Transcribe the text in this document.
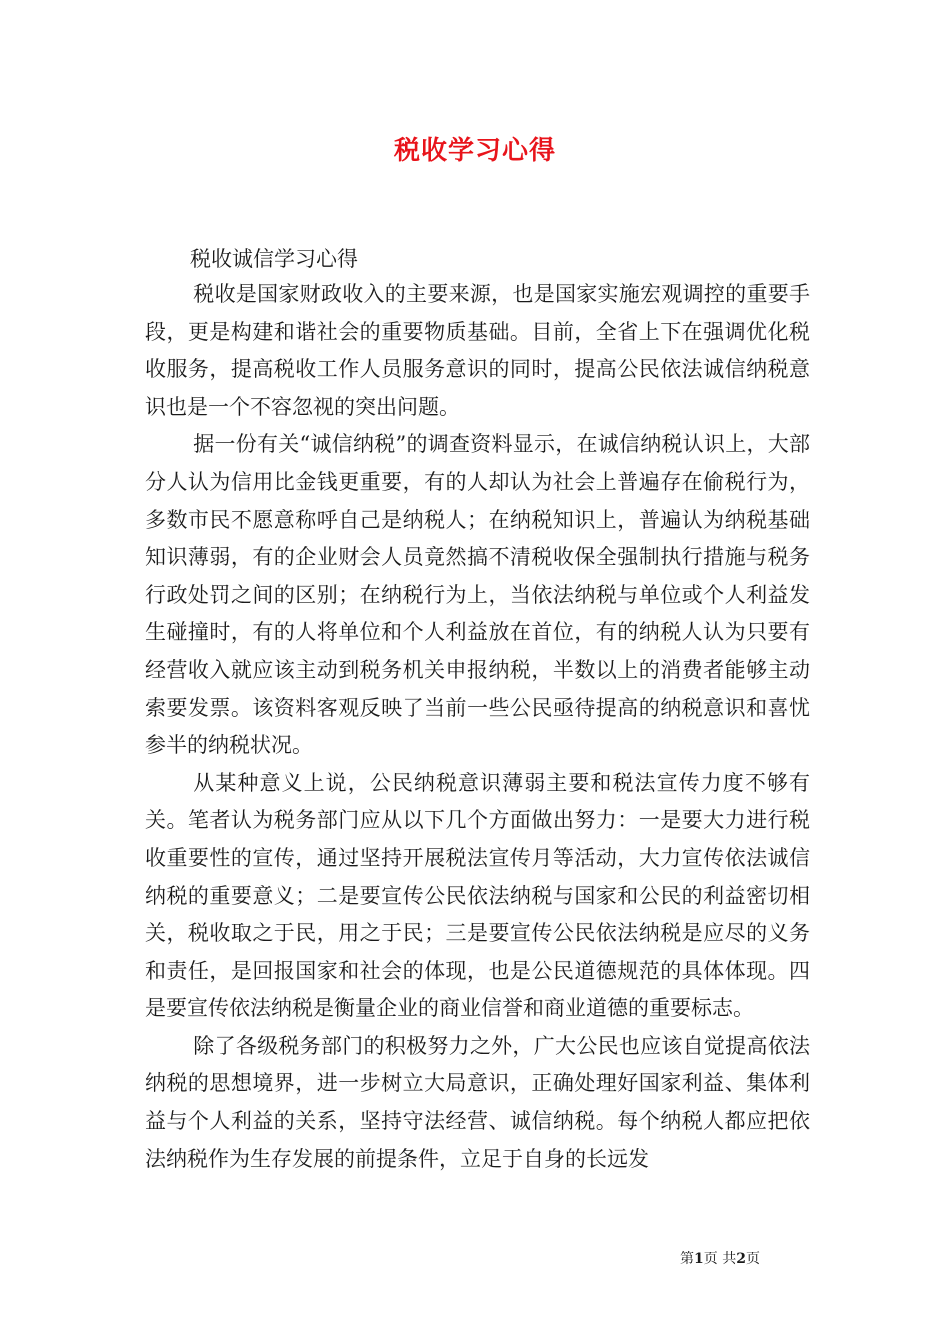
税收学习心得
税收诚信学习心得

税收是国家财政收入的主要来源，也是国家实施宏观调控的重要手段，更是构建和谐社会的重要物质基础。目前，全省上下在强调优化税收服务，提高税收工作人员服务意识的同时，提高公民依法诚信纳税意识也是一个不容忽视的突出问题。

据一份有关“诚信纳税”的调查资料显示，在诚信纳税认识上，大部分人认为信用比金钱更重要，有的人却认为社会上普遍存在偷税行为，多数市民不愿意称呼自己是纳税人；在纳税知识上，普遍认为纳税基础知识薄弱，有的企业财会人员竟然搞不清税收保全强制执行措施与税务行政处罚之间的区别；在纳税行为上，当依法纳税与单位或个人利益发生碰撞时，有的人将单位和个人利益放在首位，有的纳税人认为只要有经营收入就应该主动到税务机关申报纳税，半数以上的消费者能够主动索要发票。该资料客观反映了当前一些公民亟待提高的纳税意识和喜忧参半的纳税状况。

从某种意义上说，公民纳税意识薄弱主要和税法宣传力度不够有关。笔者认为税务部门应从以下几个方面做出努力：一是要大力进行税收重要性的宣传，通过坚持开展税法宣传月等活动，大力宣传依法诚信纳税的重要意义；二是要宣传公民依法纳税与国家和公民的利益密切相关，税收取之于民，用之于民；三是要宣传公民依法纳税是应尽的义务和责任，是回报国家和社会的体现，也是公民道德规范的具体体现。四是要宣传依法纳税是衡量企业的商业信誉和商业道德的重要标志。

除了各级税务部门的积极努力之外，广大公民也应该自觉提高依法纳税的思想境界，进一步树立大局意识，正确处理好国家利益、集体利益与个人利益的关系，坚持守法经营、诚信纳税。每个纳税人都应把依法纳税作为生存发展的前提条件，立足于自身的长远发

第1页 共2页
